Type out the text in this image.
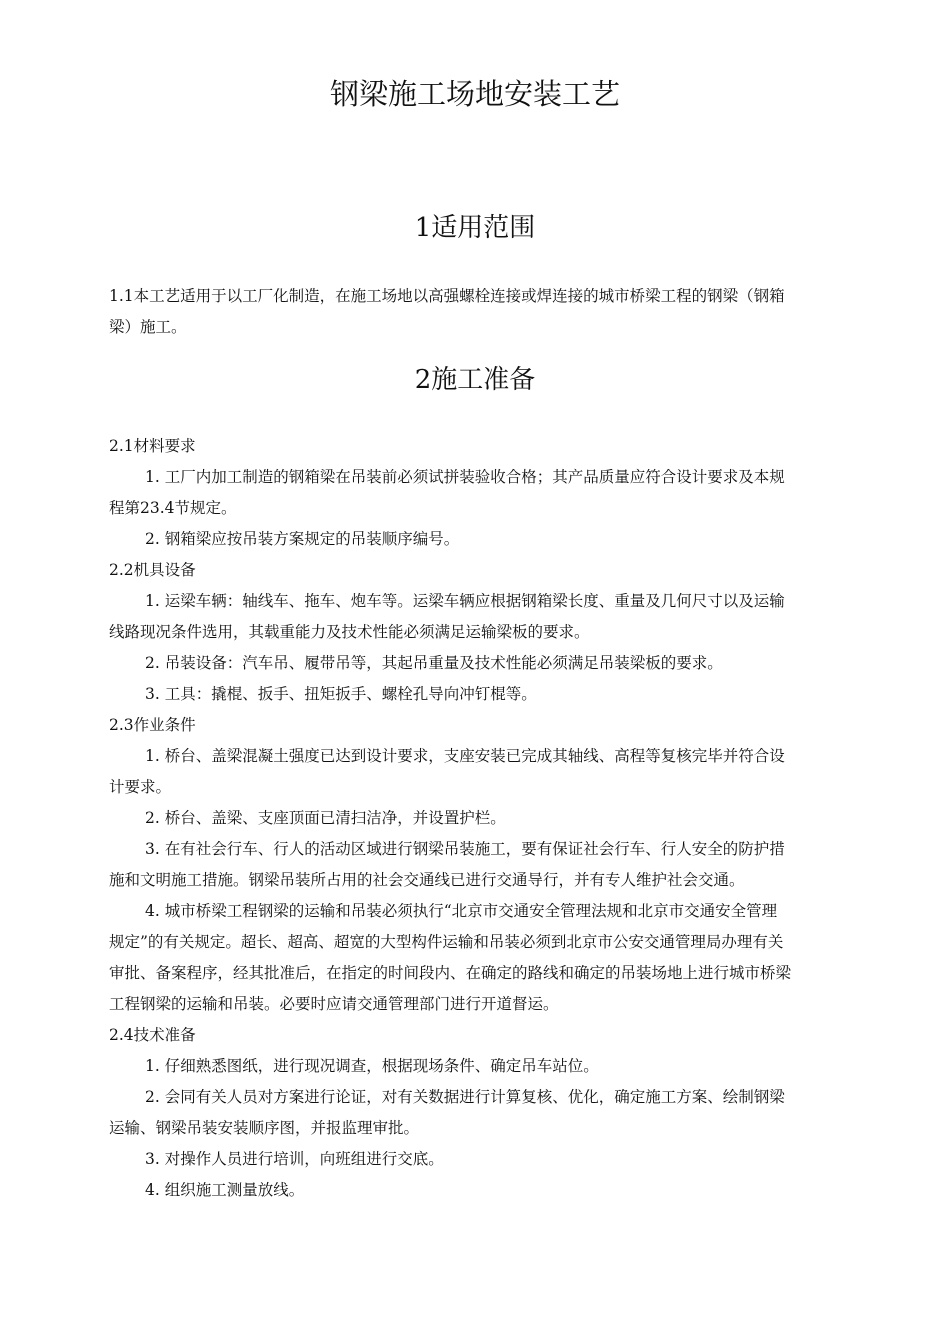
钢梁施工场地安装工艺
1适用范围
1.1本工艺适用于以工厂化制造，在施工场地以高强螺栓连接或焊连接的城市桥梁工程的钢梁（钢箱
梁）施工。
2施工准备
2.1材料要求
1. 工厂内加工制造的钢箱梁在吊装前必须试拼装验收合格；其产品质量应符合设计要求及本规
程第23.4节规定。
2. 钢箱梁应按吊装方案规定的吊装顺序编号。
2.2机具设备
1. 运梁车辆：轴线车、拖车、炮车等。运梁车辆应根据钢箱梁长度、重量及几何尺寸以及运输
线路现况条件选用，其载重能力及技术性能必须满足运输梁板的要求。
2. 吊装设备：汽车吊、履带吊等，其起吊重量及技术性能必须满足吊装梁板的要求。
3. 工具：撬棍、扳手、扭矩扳手、螺栓孔导向冲钉棍等。
2.3作业条件
1. 桥台、盖梁混凝土强度已达到设计要求，支座安装已完成其轴线、高程等复核完毕并符合设
计要求。
2. 桥台、盖梁、支座顶面已清扫洁净，并设置护栏。
3. 在有社会行车、行人的活动区域进行钢梁吊装施工，要有保证社会行车、行人安全的防护措
施和文明施工措施。钢梁吊装所占用的社会交通线已进行交通导行，并有专人维护社会交通。
4. 城市桥梁工程钢梁的运输和吊装必须执行“北京市交通安全管理法规和北京市交通安全管理
规定”的有关规定。超长、超高、超宽的大型构件运输和吊装必须到北京市公安交通管理局办理有关
审批、备案程序，经其批准后，在指定的时间段内、在确定的路线和确定的吊装场地上进行城市桥梁
工程钢梁的运输和吊装。必要时应请交通管理部门进行开道督运。
2.4技术准备
1. 仔细熟悉图纸，进行现况调查，根据现场条件、确定吊车站位。
2. 会同有关人员对方案进行论证，对有关数据进行计算复核、优化，确定施工方案、绘制钢梁
运输、钢梁吊装安装顺序图，并报监理审批。
3. 对操作人员进行培训，向班组进行交底。
4. 组织施工测量放线。
